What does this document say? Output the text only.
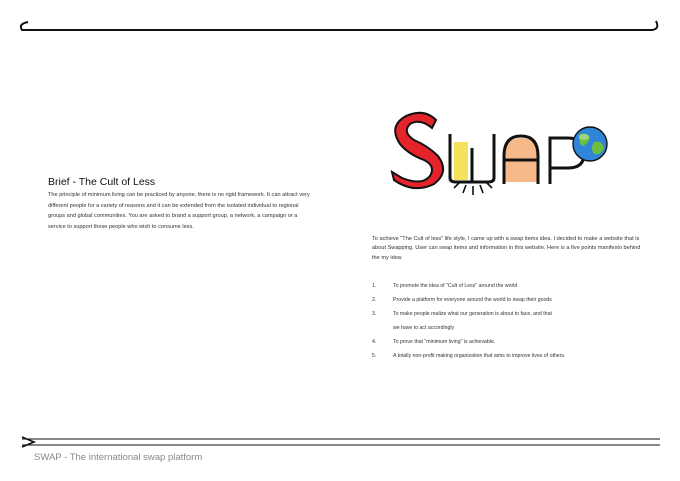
Brief - The Cult of Less

The principle of minimum living can be practiced by anyone, there is no rigid framework. It can attract very different people for a variety of reasons and it can be extended from the isolated individual to regional groups and global communities. You are asked to brand a support group, a network, a campaign or a service to support those people who wish to consume less.

To achieve "The Cult of less" life style, I came up with a swap items idea. I decided to make a website that is about Swapping. User can swap items and information in this website. Here is a five points manifesto behind the my idea:

1.	To promote the idea of "Cult of Less" around the world
2.	Provide a platform for everyone around the world to swap their goods
3.	To make people realize what our generation is about to face, and that
we have to act accordingly
4.	To prove that "minimum living" is achievable.
5.	A totally non-profit making organization that aims to improve lives of others.

SWAP - The international swap platform
